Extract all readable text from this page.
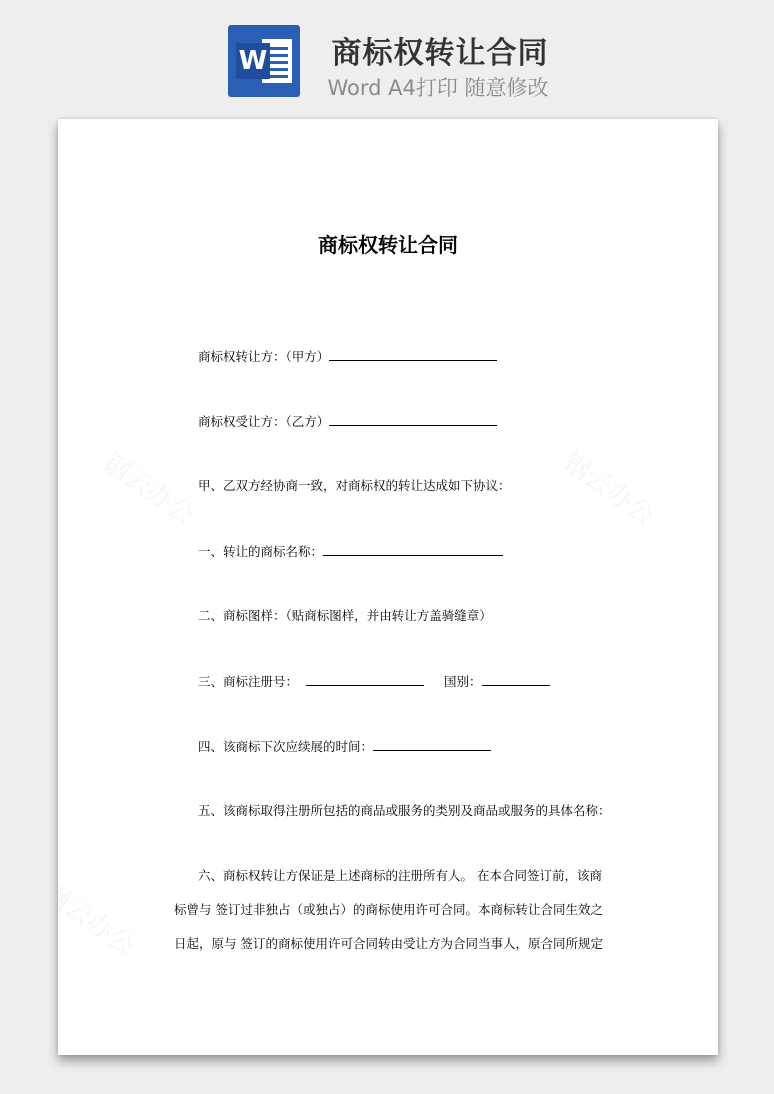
W	商标权转让合同
Word A4打印 随意修改
商标权转让合同
商标权转让方：（甲方）
商标权受让方：（乙方）
甲、乙双方经协商一致，对商标权的转让达成如下协议：
一、转让的商标名称：
二、商标图样：（贴商标图样，并由转让方盖骑缝章）
三、商标注册号：	国别：
四、该商标下次应续展的时间：
五、该商标取得注册所包括的商品或服务的类别及商品或服务的具体名称：
六、商标权转让方保证是上述商标的注册所有人。 在本合同签订前，该商
标曾与 签订过非独占（或独占）的商标使用许可合同。本商标转让合同生效之
日起，原与 签订的商标使用许可合同转由受让方为合同当事人，原合同所规定
